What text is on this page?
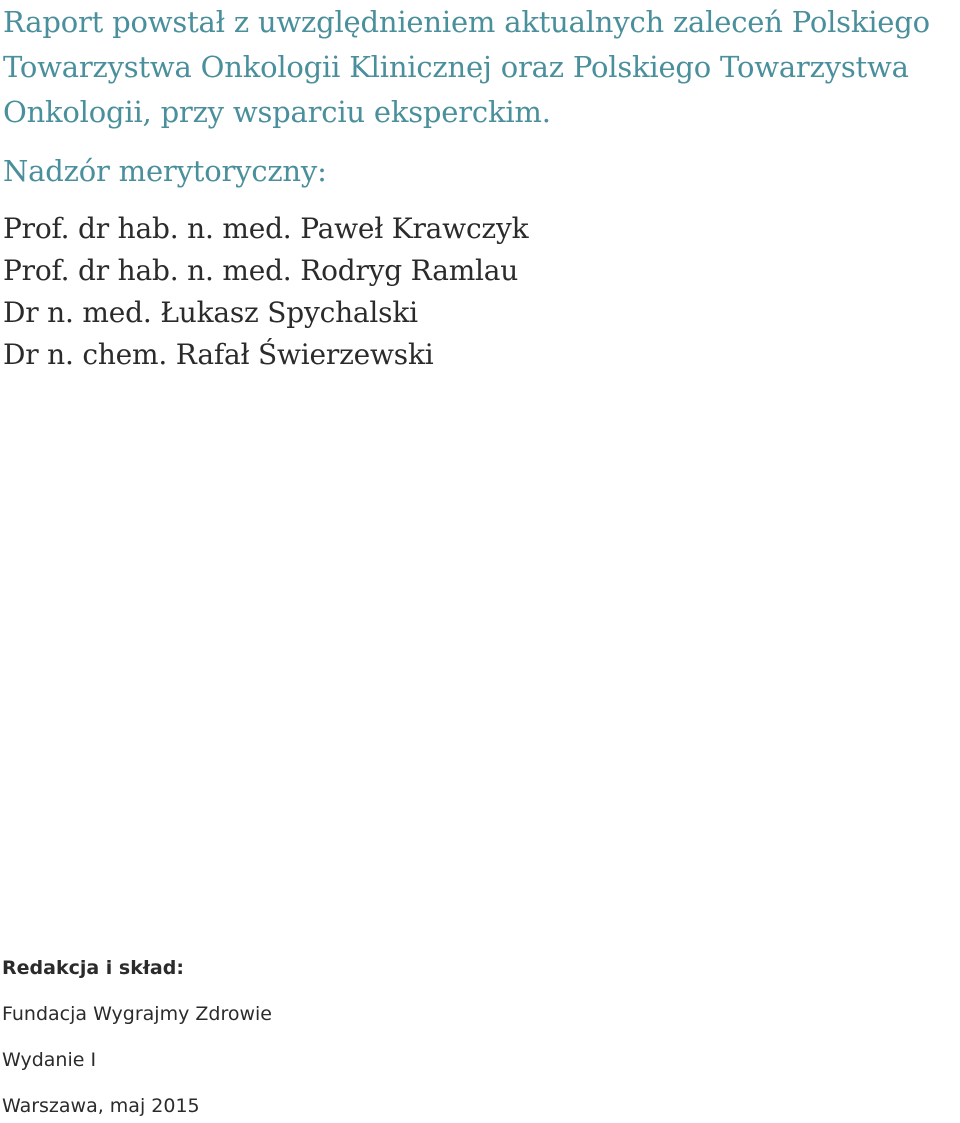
Raport powstał z uwzględnieniem aktualnych zaleceń Polskiego Towarzystwa Onkologii Klinicznej oraz Polskiego Towarzystwa Onkologii, przy wsparciu eksperckim.

Nadzór merytoryczny:
Prof. dr hab. n. med. Paweł Krawczyk
Prof. dr hab. n. med. Rodryg Ramlau
Dr n. med. Łukasz Spychalski
Dr n. chem. Rafał Świerzewski
Redakcja i skład:
Fundacja Wygrajmy Zdrowie
Wydanie I
Warszawa, maj 2015
